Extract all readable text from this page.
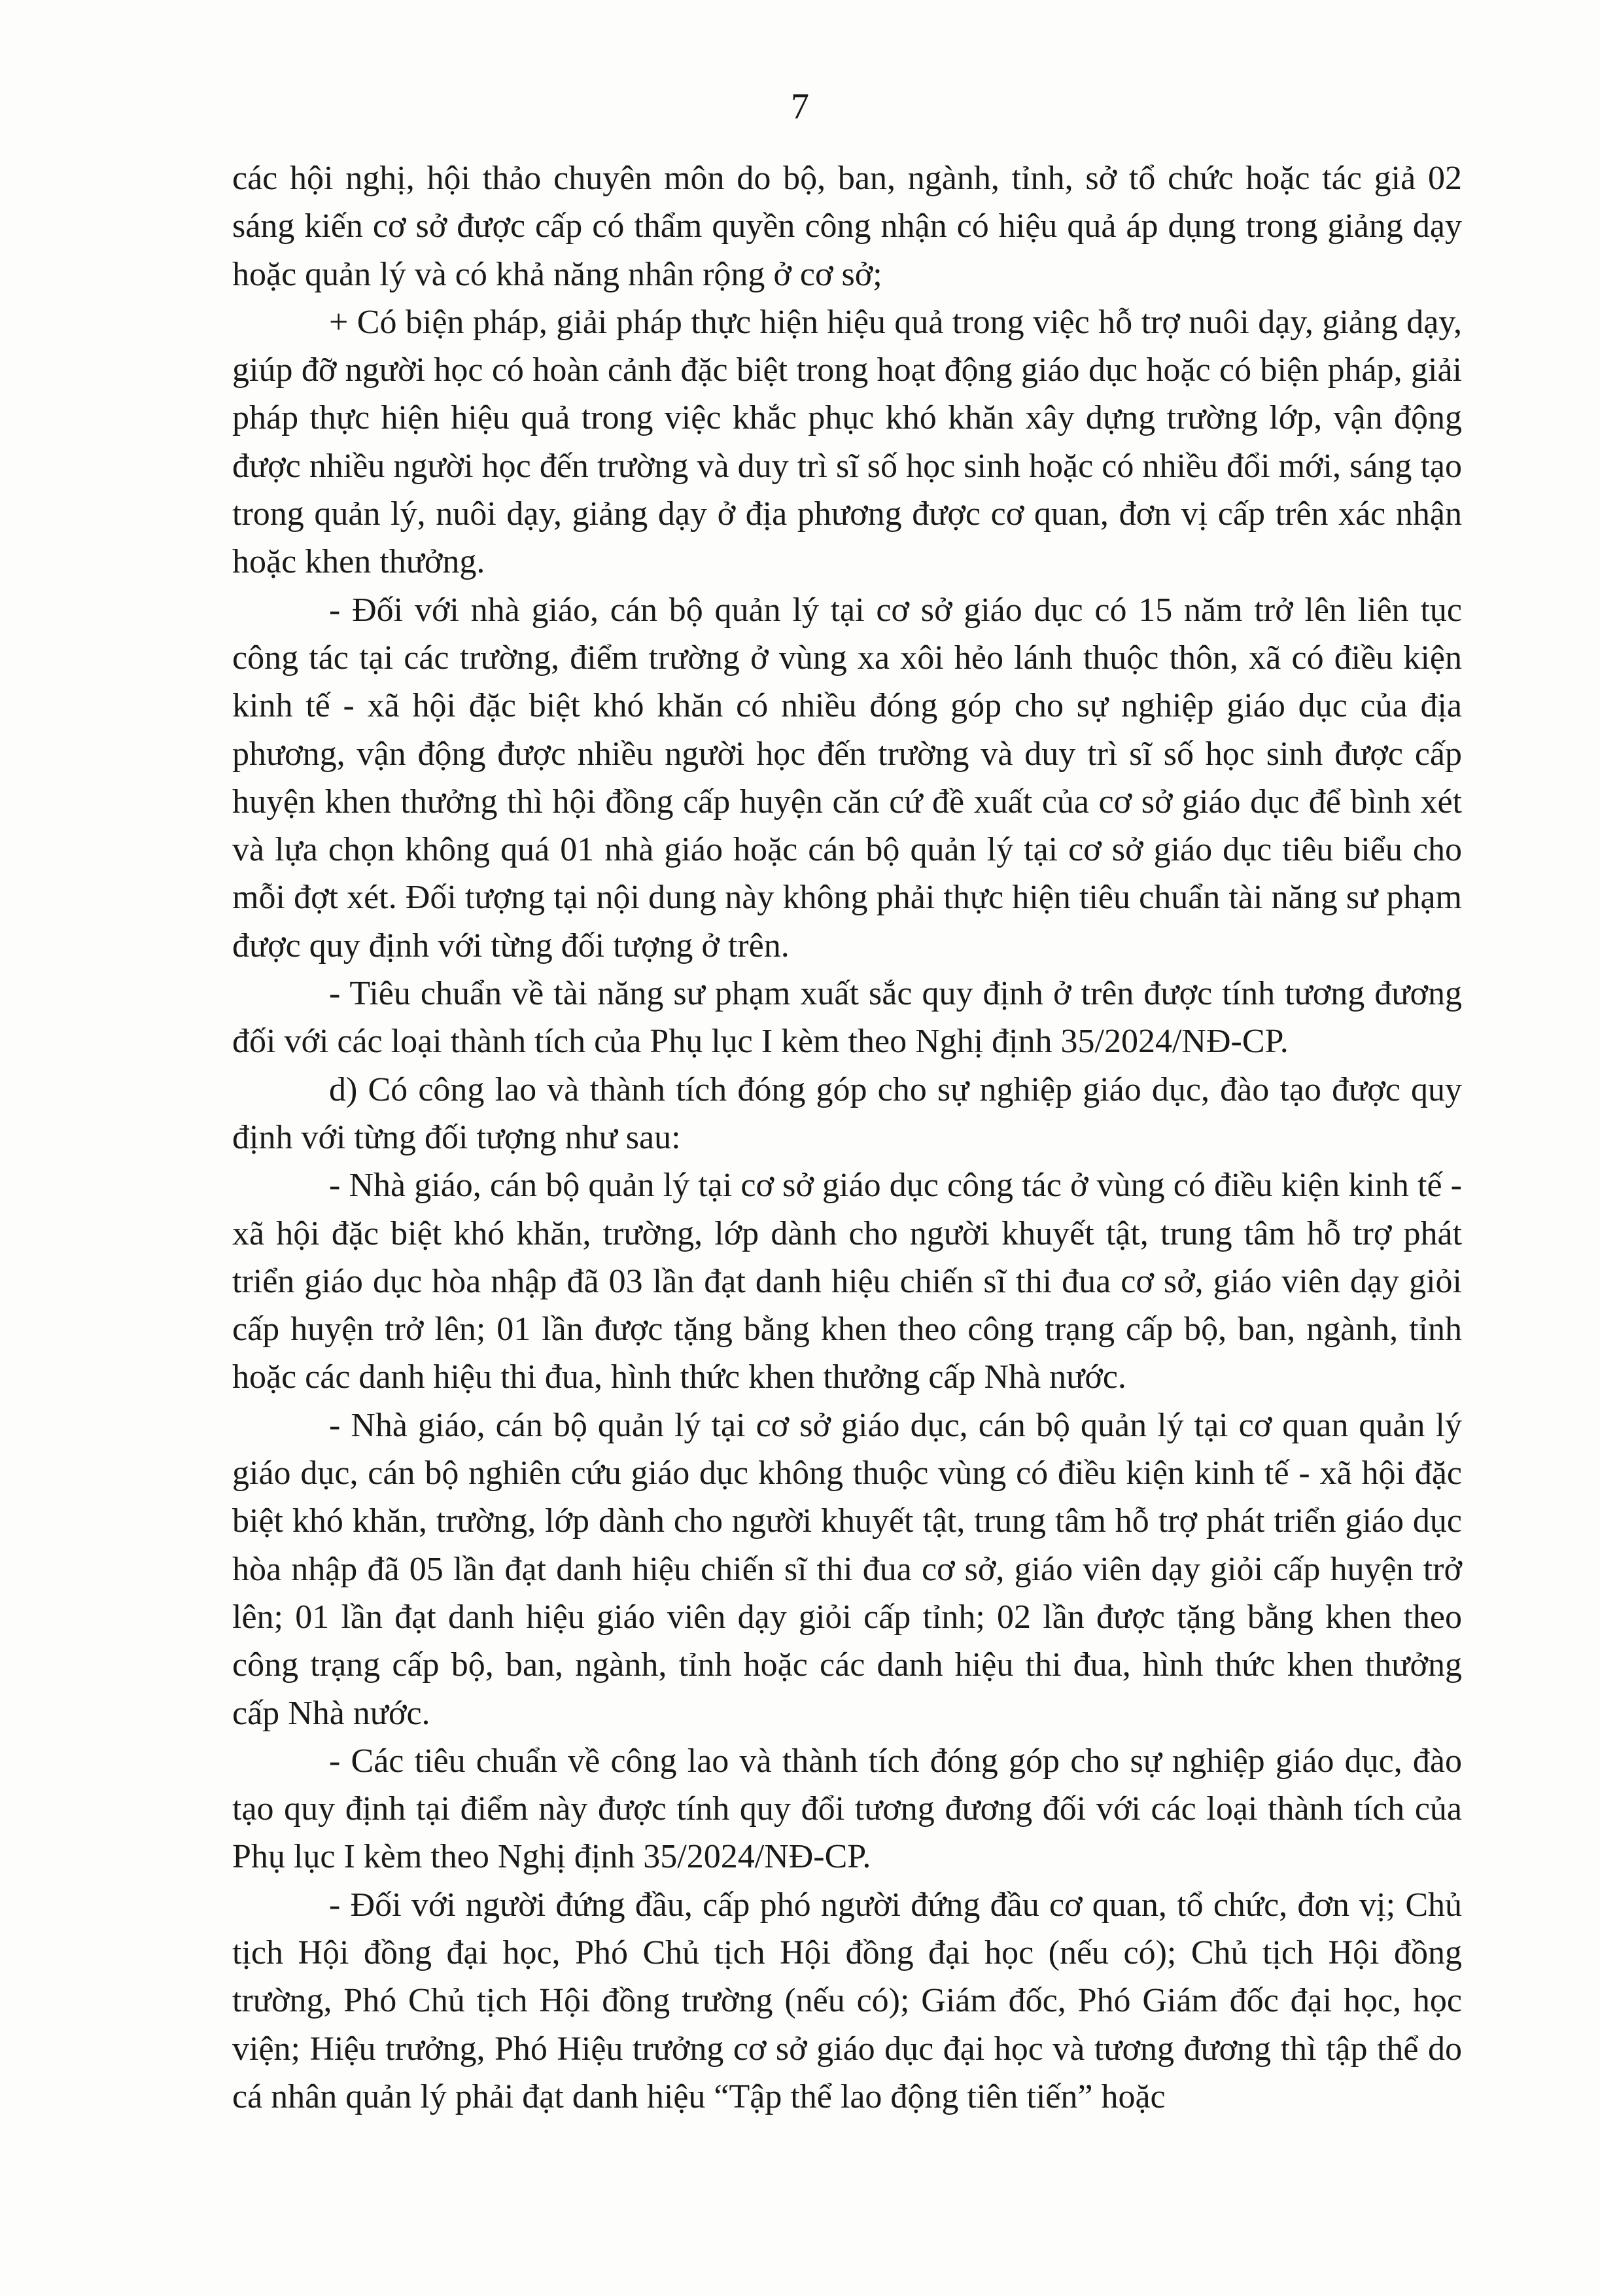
7

các hội nghị, hội thảo chuyên môn do bộ, ban, ngành, tỉnh, sở tổ chức hoặc tác giả 02 sáng kiến cơ sở được cấp có thẩm quyền công nhận có hiệu quả áp dụng trong giảng dạy hoặc quản lý và có khả năng nhân rộng ở cơ sở;

+ Có biện pháp, giải pháp thực hiện hiệu quả trong việc hỗ trợ nuôi dạy, giảng dạy, giúp đỡ người học có hoàn cảnh đặc biệt trong hoạt động giáo dục hoặc có biện pháp, giải pháp thực hiện hiệu quả trong việc khắc phục khó khăn xây dựng trường lớp, vận động được nhiều người học đến trường và duy trì sĩ số học sinh hoặc có nhiều đổi mới, sáng tạo trong quản lý, nuôi dạy, giảng dạy ở địa phương được cơ quan, đơn vị cấp trên xác nhận hoặc khen thưởng.

- Đối với nhà giáo, cán bộ quản lý tại cơ sở giáo dục có 15 năm trở lên liên tục công tác tại các trường, điểm trường ở vùng xa xôi hẻo lánh thuộc thôn, xã có điều kiện kinh tế - xã hội đặc biệt khó khăn có nhiều đóng góp cho sự nghiệp giáo dục của địa phương, vận động được nhiều người học đến trường và duy trì sĩ số học sinh được cấp huyện khen thưởng thì hội đồng cấp huyện căn cứ đề xuất của cơ sở giáo dục để bình xét và lựa chọn không quá 01 nhà giáo hoặc cán bộ quản lý tại cơ sở giáo dục tiêu biểu cho mỗi đợt xét. Đối tượng tại nội dung này không phải thực hiện tiêu chuẩn tài năng sư phạm được quy định với từng đối tượng ở trên.

- Tiêu chuẩn về tài năng sư phạm xuất sắc quy định ở trên được tính tương đương đối với các loại thành tích của Phụ lục I kèm theo Nghị định 35/2024/NĐ-CP.

d) Có công lao và thành tích đóng góp cho sự nghiệp giáo dục, đào tạo được quy định với từng đối tượng như sau:

- Nhà giáo, cán bộ quản lý tại cơ sở giáo dục công tác ở vùng có điều kiện kinh tế - xã hội đặc biệt khó khăn, trường, lớp dành cho người khuyết tật, trung tâm hỗ trợ phát triển giáo dục hòa nhập đã 03 lần đạt danh hiệu chiến sĩ thi đua cơ sở, giáo viên dạy giỏi cấp huyện trở lên; 01 lần được tặng bằng khen theo công trạng cấp bộ, ban, ngành, tỉnh hoặc các danh hiệu thi đua, hình thức khen thưởng cấp Nhà nước.

- Nhà giáo, cán bộ quản lý tại cơ sở giáo dục, cán bộ quản lý tại cơ quan quản lý giáo dục, cán bộ nghiên cứu giáo dục không thuộc vùng có điều kiện kinh tế - xã hội đặc biệt khó khăn, trường, lớp dành cho người khuyết tật, trung tâm hỗ trợ phát triển giáo dục hòa nhập đã 05 lần đạt danh hiệu chiến sĩ thi đua cơ sở, giáo viên dạy giỏi cấp huyện trở lên; 01 lần đạt danh hiệu giáo viên dạy giỏi cấp tỉnh; 02 lần được tặng bằng khen theo công trạng cấp bộ, ban, ngành, tỉnh hoặc các danh hiệu thi đua, hình thức khen thưởng cấp Nhà nước.

- Các tiêu chuẩn về công lao và thành tích đóng góp cho sự nghiệp giáo dục, đào tạo quy định tại điểm này được tính quy đổi tương đương đối với các loại thành tích của Phụ lục I kèm theo Nghị định 35/2024/NĐ-CP.

- Đối với người đứng đầu, cấp phó người đứng đầu cơ quan, tổ chức, đơn vị; Chủ tịch Hội đồng đại học, Phó Chủ tịch Hội đồng đại học (nếu có); Chủ tịch Hội đồng trường, Phó Chủ tịch Hội đồng trường (nếu có); Giám đốc, Phó Giám đốc đại học, học viện; Hiệu trưởng, Phó Hiệu trưởng cơ sở giáo dục đại học và tương đương thì tập thể do cá nhân quản lý phải đạt danh hiệu “Tập thể lao động tiên tiến” hoặc
